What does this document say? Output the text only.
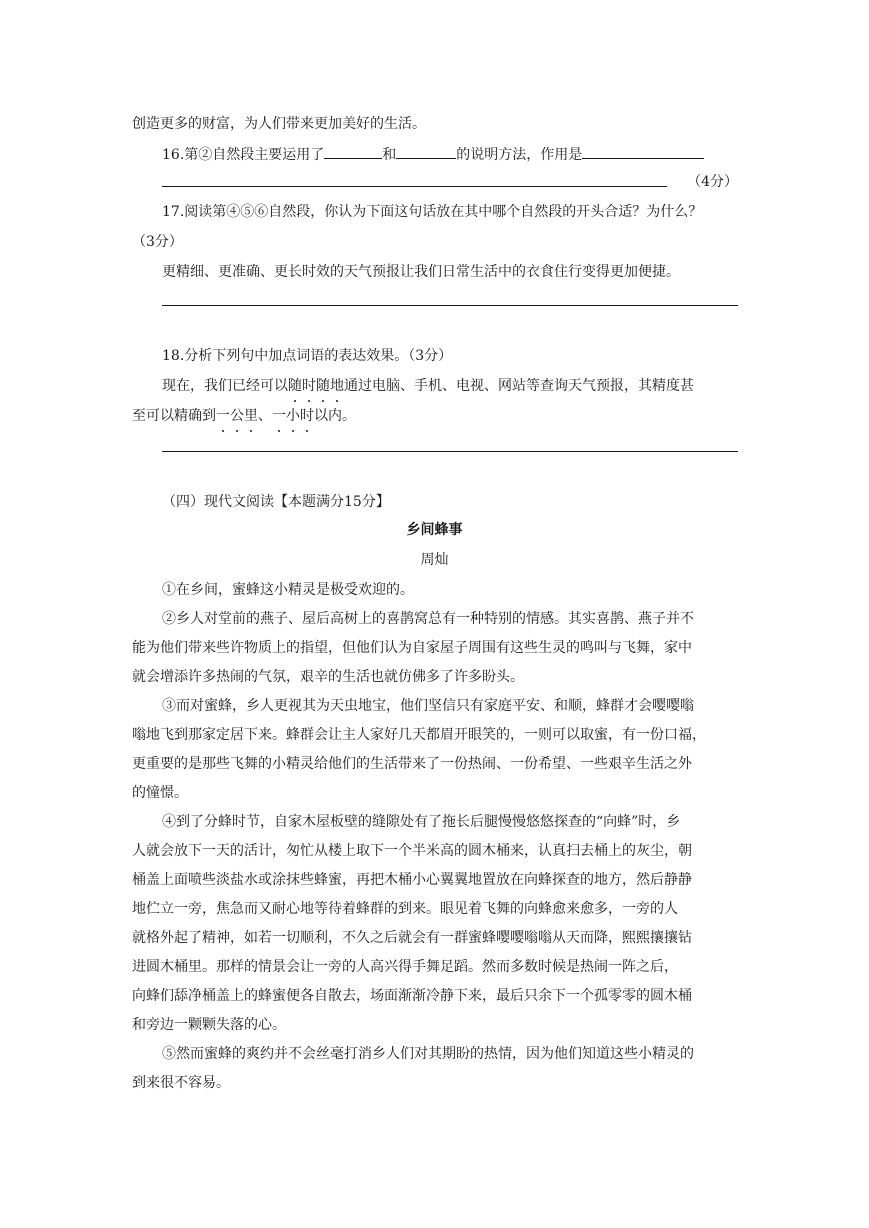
创造更多的财富，为人们带来更加美好的生活。
16.第②自然段主要运用了	和	的说明方法，作用是
（4分）
17.阅读第④⑤⑥自然段，你认为下面这句话放在其中哪个自然段的开头合适？为什么？
（3分）
更精细、更准确、更长时效的天气预报让我们日常生活中的衣食住行变得更加便捷。
18.分析下列句中加点词语的表达效果。（3分）
现在，我们已经可以随时随地通过电脑、手机、电视、网站等查询天气预报，其精度甚
至可以精确到一公里、一小时以内。
（四）现代文阅读【本题满分15分】
乡间蜂事
周灿
①在乡间，蜜蜂这小精灵是极受欢迎的。
②乡人对堂前的燕子、屋后高树上的喜鹊窝总有一种特别的情感。其实喜鹊、燕子并不
能为他们带来些许物质上的指望，但他们认为自家屋子周围有这些生灵的鸣叫与飞舞，家中
就会增添许多热闹的气氛，艰辛的生活也就仿佛多了许多盼头。
③而对蜜蜂，乡人更视其为天虫地宝，他们坚信只有家庭平安、和顺，蜂群才会嘤嘤嗡
嗡地飞到那家定居下来。蜂群会让主人家好几天都眉开眼笑的，一则可以取蜜，有一份口福，
更重要的是那些飞舞的小精灵给他们的生活带来了一份热闹、一份希望、一些艰辛生活之外
的憧憬。
④到了分蜂时节，自家木屋板壁的缝隙处有了拖长后腿慢慢悠悠探查的“向蜂”时，乡
人就会放下一天的活计，匆忙从楼上取下一个半米高的圆木桶来，认真扫去桶上的灰尘，朝
桶盖上面喷些淡盐水或涂抹些蜂蜜，再把木桶小心翼翼地置放在向蜂探查的地方，然后静静
地伫立一旁，焦急而又耐心地等待着蜂群的到来。眼见着飞舞的向蜂愈来愈多，一旁的人
就格外起了精神，如若一切顺利，不久之后就会有一群蜜蜂嘤嘤嗡嗡从天而降，熙熙攘攘钻
进圆木桶里。那样的情景会让一旁的人高兴得手舞足蹈。然而多数时候是热闹一阵之后，
向蜂们舔净桶盖上的蜂蜜便各自散去，场面渐渐冷静下来，最后只余下一个孤零零的圆木桶
和旁边一颗颗失落的心。
⑤然而蜜蜂的爽约并不会丝毫打消乡人们对其期盼的热情，因为他们知道这些小精灵的
到来很不容易。
